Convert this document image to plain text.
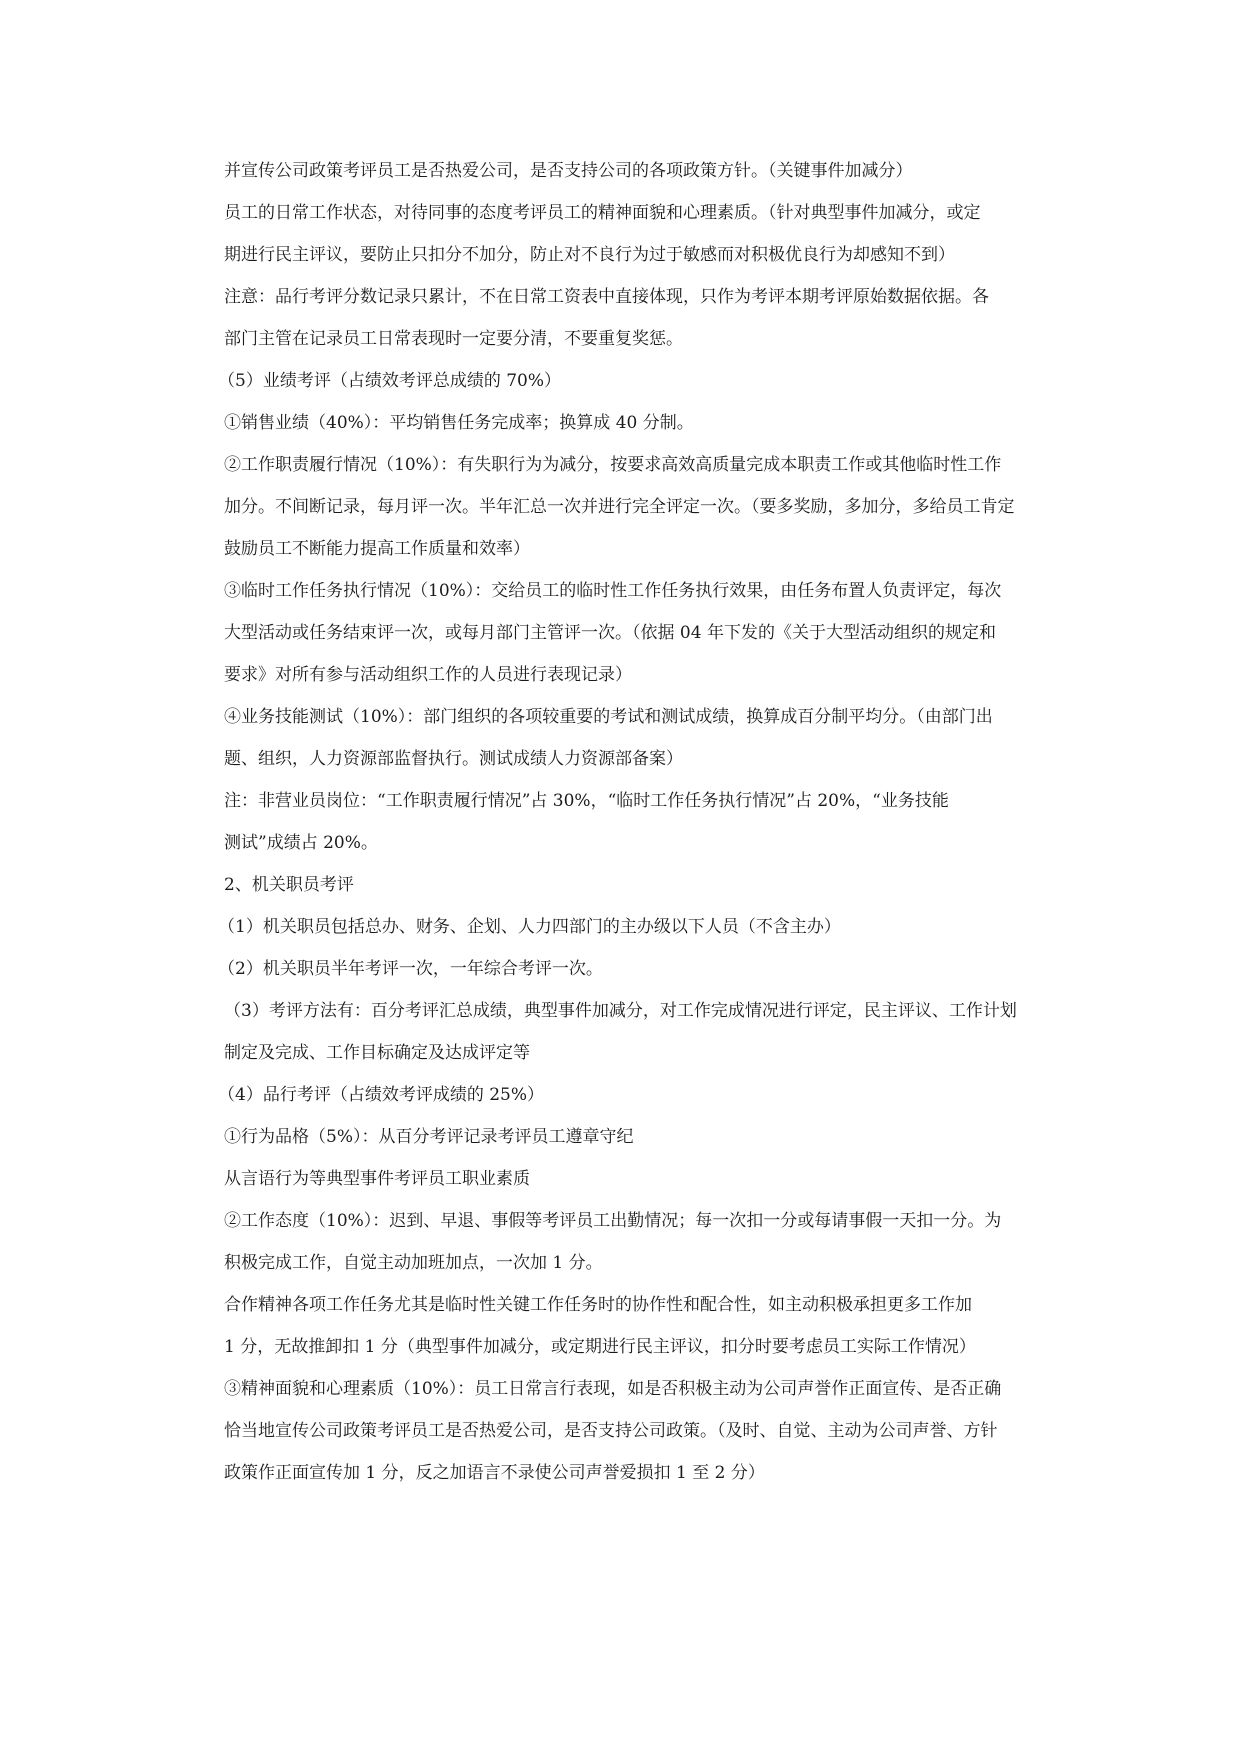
并宣传公司政策考评员工是否热爱公司，是否支持公司的各项政策方针。（关键事件加减分）
员工的日常工作状态，对待同事的态度考评员工的精神面貌和心理素质。（针对典型事件加减分，或定
期进行民主评议，要防止只扣分不加分，防止对不良行为过于敏感而对积极优良行为却感知不到）
注意：品行考评分数记录只累计，不在日常工资表中直接体现，只作为考评本期考评原始数据依据。各
部门主管在记录员工日常表现时一定要分清，不要重复奖惩。
（5）业绩考评（占绩效考评总成绩的 70%）
①销售业绩（40%）：平均销售任务完成率；换算成 40 分制。
②工作职责履行情况（10%）：有失职行为为减分，按要求高效高质量完成本职责工作或其他临时性工作
加分。不间断记录，每月评一次。半年汇总一次并进行完全评定一次。（要多奖励，多加分，多给员工肯定
鼓励员工不断能力提高工作质量和效率）
③临时工作任务执行情况（10%）：交给员工的临时性工作任务执行效果，由任务布置人负责评定，每次
大型活动或任务结束评一次，或每月部门主管评一次。（依据 04 年下发的《关于大型活动组织的规定和
要求》对所有参与活动组织工作的人员进行表现记录）
④业务技能测试（10%）：部门组织的各项较重要的考试和测试成绩，换算成百分制平均分。（由部门出
题、组织，人力资源部监督执行。测试成绩人力资源部备案）
注：非营业员岗位：“工作职责履行情况”占 30%，“临时工作任务执行情况”占 20%，“业务技能
测试”成绩占 20%。
2、机关职员考评
（1）机关职员包括总办、财务、企划、人力四部门的主办级以下人员（不含主办）
（2）机关职员半年考评一次，一年综合考评一次。
（3）考评方法有：百分考评汇总成绩，典型事件加减分，对工作完成情况进行评定，民主评议、工作计划
制定及完成、工作目标确定及达成评定等
（4）品行考评（占绩效考评成绩的 25%）
①行为品格（5%）：从百分考评记录考评员工遵章守纪
从言语行为等典型事件考评员工职业素质
②工作态度（10%）：迟到、早退、事假等考评员工出勤情况；每一次扣一分或每请事假一天扣一分。为
积极完成工作，自觉主动加班加点，一次加 1 分。
合作精神各项工作任务尤其是临时性关键工作任务时的协作性和配合性，如主动积极承担更多工作加
1 分，无故推卸扣 1 分（典型事件加减分，或定期进行民主评议，扣分时要考虑员工实际工作情况）
③精神面貌和心理素质（10%）：员工日常言行表现，如是否积极主动为公司声誉作正面宣传、是否正确
恰当地宣传公司政策考评员工是否热爱公司，是否支持公司政策。（及时、自觉、主动为公司声誉、方针
政策作正面宣传加 1 分，反之加语言不录使公司声誉爱损扣 1 至 2 分）
